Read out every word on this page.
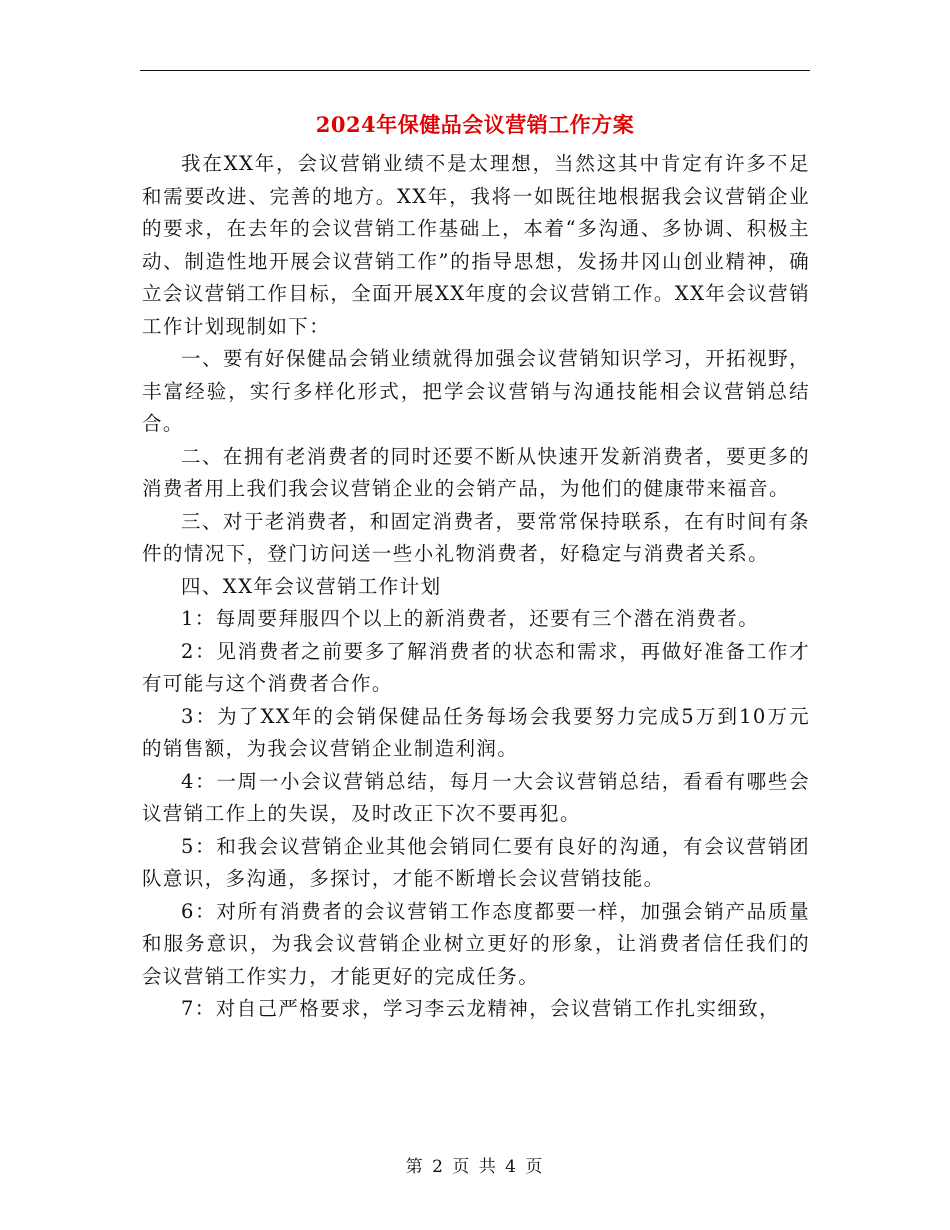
2024年保健品会议营销工作方案

我在XX年，会议营销业绩不是太理想，当然这其中肯定有许多不足和需要改进、完善的地方。XX年，我将一如既往地根据我会议营销企业的要求，在去年的会议营销工作基础上，本着“多沟通、多协调、积极主动、制造性地开展会议营销工作”的指导思想，发扬井冈山创业精神，确立会议营销工作目标，全面开展XX年度的会议营销工作。XX年会议营销工作计划现制如下：

一、要有好保健品会销业绩就得加强会议营销知识学习，开拓视野，丰富经验，实行多样化形式，把学会议营销与沟通技能相会议营销总结合。

二、在拥有老消费者的同时还要不断从快速开发新消费者，要更多的消费者用上我们我会议营销企业的会销产品，为他们的健康带来福音。

三、对于老消费者，和固定消费者，要常常保持联系，在有时间有条件的情况下，登门访问送一些小礼物消费者，好稳定与消费者关系。

四、XX年会议营销工作计划

1：每周要拜服四个以上的新消费者，还要有三个潜在消费者。

2：见消费者之前要多了解消费者的状态和需求，再做好准备工作才有可能与这个消费者合作。

3：为了XX年的会销保健品任务每场会我要努力完成5万到10万元的销售额，为我会议营销企业制造利润。

4：一周一小会议营销总结，每月一大会议营销总结，看看有哪些会议营销工作上的失误，及时改正下次不要再犯。

5：和我会议营销企业其他会销同仁要有良好的沟通，有会议营销团队意识，多沟通，多探讨，才能不断增长会议营销技能。

6：对所有消费者的会议营销工作态度都要一样，加强会销产品质量和服务意识，为我会议营销企业树立更好的形象，让消费者信任我们的会议营销工作实力，才能更好的完成任务。

7：对自己严格要求，学习李云龙精神，会议营销工作扎实细致，

第 2 页 共 4 页
